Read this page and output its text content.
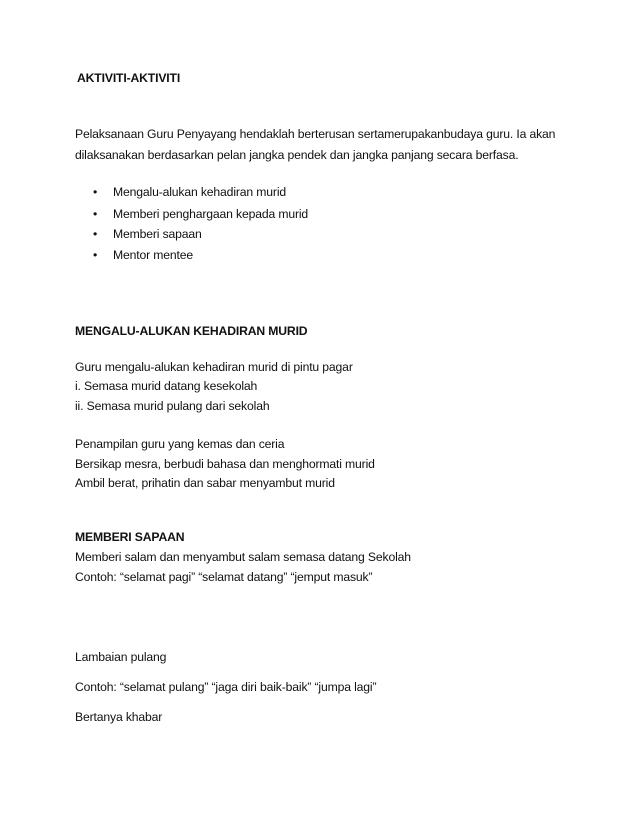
AKTIVITI-AKTIVITI
Pelaksanaan Guru Penyayang hendaklah berterusan sertamerupakanbudaya guru. Ia akan
dilaksanakan berdasarkan pelan jangka pendek dan jangka panjang secara berfasa.
• Mengalu-alukan kehadiran murid
• Memberi penghargaan kepada murid
• Memberi sapaan
• Mentor mentee
MENGALU-ALUKAN KEHADIRAN MURID
Guru mengalu-alukan kehadiran murid di pintu pagar
i. Semasa murid datang kesekolah
ii. Semasa murid pulang dari sekolah
Penampilan guru yang kemas dan ceria
Bersikap mesra, berbudi bahasa dan menghormati murid
Ambil berat, prihatin dan sabar menyambut murid
MEMBERI SAPAAN
Memberi salam dan menyambut salam semasa datang Sekolah
Contoh: “selamat pagi” “selamat datang” “jemput masuk”
Lambaian pulang
Contoh: “selamat pulang” “jaga diri baik-baik” “jumpa lagi”
Bertanya khabar
